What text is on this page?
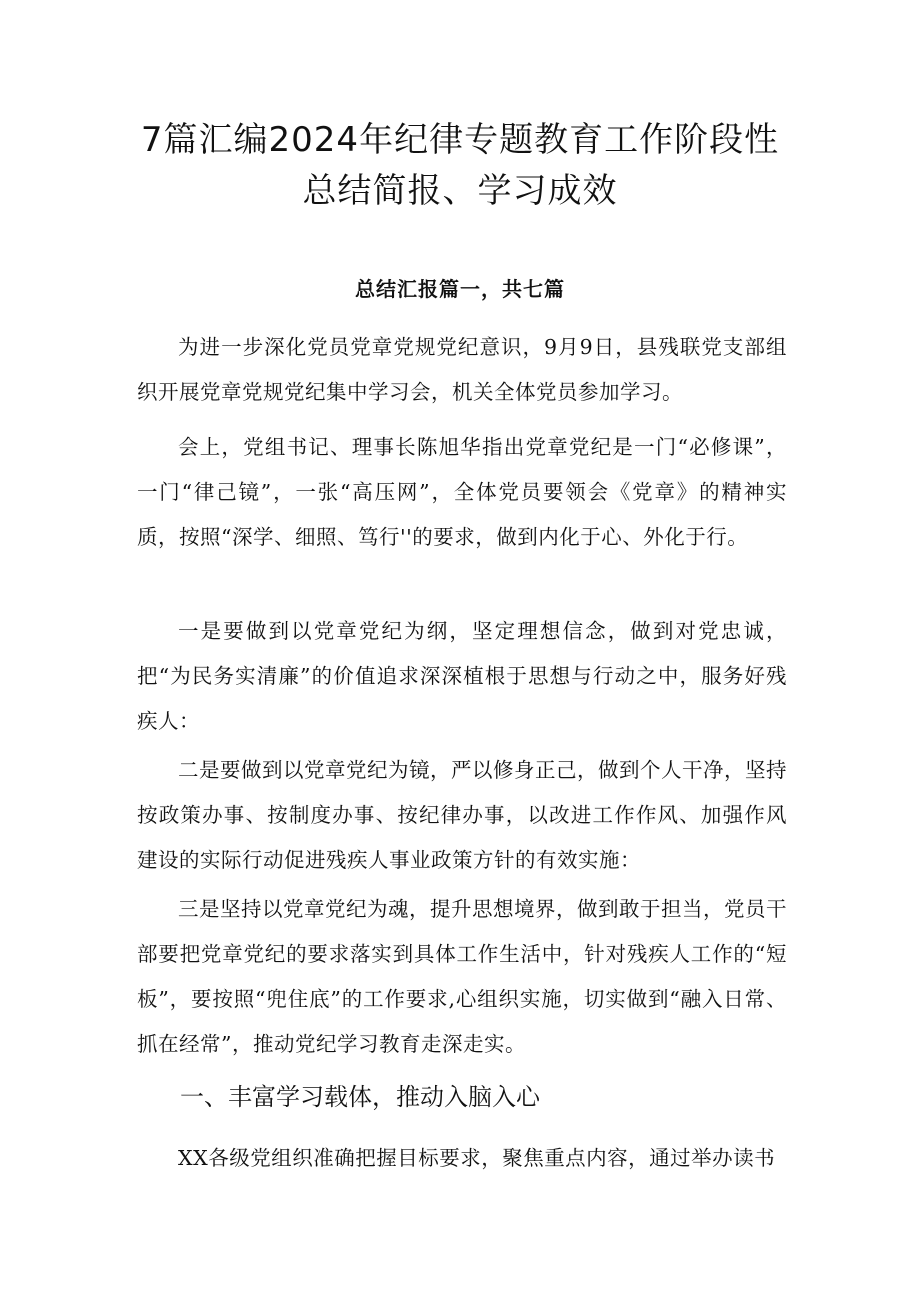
7篇汇编2024年纪律专题教育工作阶段性
总结简报、学习成效
总结汇报篇一，共七篇

为进一步深化党员党章党规党纪意识，9月9日，县残联党支部组织开展党章党规党纪集中学习会，机关全体党员参加学习。

会上，党组书记、理事长陈旭华指出党章党纪是一门“必修课”，一门“律己镜”，一张“高压网”，全体党员要领会《党章》的精神实质，按照“深学、细照、笃行''的要求，做到内化于心、外化于行。

一是要做到以党章党纪为纲，坚定理想信念，做到对党忠诚，把“为民务实清廉”的价值追求深深植根于思想与行动之中，服务好残疾人：

二是要做到以党章党纪为镜，严以修身正己，做到个人干净，坚持按政策办事、按制度办事、按纪律办事，以改进工作作风、加强作风建设的实际行动促进残疾人事业政策方针的有效实施：

三是坚持以党章党纪为魂，提升思想境界，做到敢于担当，党员干部要把党章党纪的要求落实到具体工作生活中，针对残疾人工作的“短板”，要按照“兜住底”的工作要求,心组织实施，切实做到“融入日常、抓在经常”，推动党纪学习教育走深走实。

一、丰富学习载体，推动入脑入心

XX各级党组织准确把握目标要求，聚焦重点内容，通过举办读书
